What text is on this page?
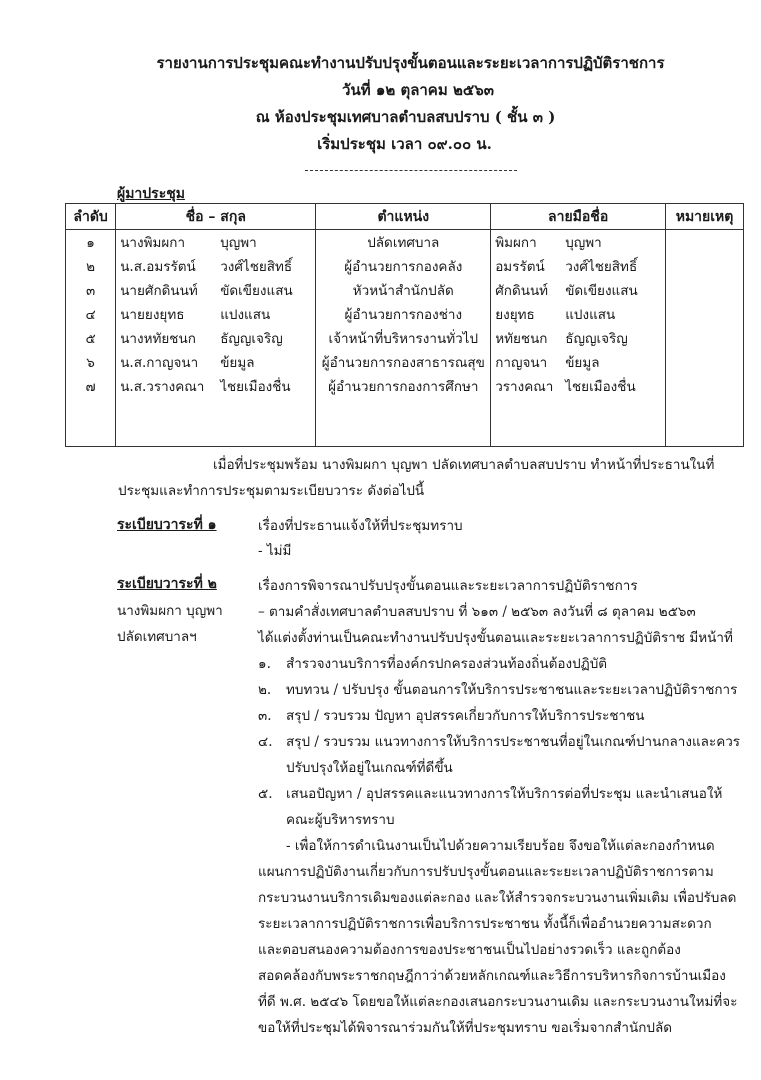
รายงานการประชุมคณะทำงานปรับปรุงขั้นตอนและระยะเวลาการปฏิบัติราชการ
วันที่ ๑๒ ตุลาคม ๒๕๖๓
ณ ห้องประชุมเทศบาลตำบลสบปราบ ( ชั้น ๓ )
เริ่มประชุม เวลา ๐๙.๐๐ น.
ผู้มาประชุม
ลำดับ	ชื่อ – สกุล	ตำแหน่ง	ลายมือชื่อ	หมายเหตุ
๑	นางพิมผกา บุญพา	ปลัดเทศบาล	พิมผกา บุญพา	

๒	น.ส.อมรรัตน์ วงศ์ไชยสิทธิ์	ผู้อำนวยการกองคลัง	อมรรัตน์ วงศ์ไชยสิทธิ์	

๓	นายศักดินนท์ ขัดเขียงแสน	หัวหน้าสำนักปลัด	ศักดินนท์ ขัดเขียงแสน	

๔	นายยงยุทธ แปงแสน	ผู้อำนวยการกองช่าง	ยงยุทธ แปงแสน	

๕	นางหทัยชนก ธัญญเจริญ	เจ้าหน้าที่บริหารงานทั่วไป	หทัยชนก ธัญญเจริญ	

๖	น.ส.กาญจนา ข้ยมูล	ผู้อำนวยการกองสาธารณสุข	กาญจนา ข้ยมูล	

๗	น.ส.วรางคณา ไชยเมืองชื่น	ผู้อำนวยการกองการศึกษา	วรางคณา ไชยเมืองชื่น	

เมื่อที่ประชุมพร้อม นางพิมผกา บุญพา ปลัดเทศบาลตำบลสบปราบ ทำหน้าที่ประธานในที่
ประชุมและทำการประชุมตามระเบียบวาระ ดังต่อไปนี้
ระเบียบวาระที่ ๑	เรื่องที่ประธานแจ้งให้ที่ประชุมทราบ
- ไม่มี
ระเบียบวาระที่ ๒
นางพิมผกา บุญพา
ปลัดเทศบาลฯ
เรื่องการพิจารณาปรับปรุงขั้นตอนและระยะเวลาการปฏิบัติราชการ
– ตามคำสั่งเทศบาลตำบลสบปราบ ที่ ๖๑๓ / ๒๕๖๓ ลงวันที่ ๘ ตุลาคม ๒๕๖๓
ได้แต่งตั้งท่านเป็นคณะทำงานปรับปรุงขั้นตอนและระยะเวลาการปฏิบัติราช มีหน้าที่
๑.	สำรวจงานบริการที่องค์กรปกครองส่วนท้องถิ่นต้องปฏิบัติ
๒.	ทบทวน / ปรับปรุง ขั้นตอนการให้บริการประชาชนและระยะเวลาปฏิบัติราชการ
๓.	สรุป / รวบรวม ปัญหา อุปสรรคเกี่ยวกับการให้บริการประชาชน
๔. สรุป / รวบรวม แนวทางการให้บริการประชาชนที่อยู่ในเกณฑ์ปานกลางและควร
ปรับปรุงให้อยู่ในเกณฑ์ที่ดีขึ้น
๕. เสนอปัญหา / อุปสรรคและแนวทางการให้บริการต่อที่ประชุม และนำเสนอให้
คณะผู้บริหารทราบ
- เพื่อให้การดำเนินงานเป็นไปด้วยความเรียบร้อย จึงขอให้แต่ละกองกำหนด
แผนการปฏิบัติงานเกี่ยวกับการปรับปรุงขั้นตอนและระยะเวลาปฏิบัติราชการตาม
กระบวนงานบริการเดิมของแต่ละกอง และให้สำรวจกระบวนงานเพิ่มเติม เพื่อปรับลด
ระยะเวลาการปฏิบัติราชการเพื่อบริการประชาชน ทั้งนี้ก็เพื่ออำนวยความสะดวก
และตอบสนองความต้องการของประชาชนเป็นไปอย่างรวดเร็ว และถูกต้อง
สอดคล้องกับพระราชกฤษฎีกาว่าด้วยหลักเกณฑ์และวิธีการบริหารกิจการบ้านเมือง
ที่ดี พ.ศ. ๒๕๔๖ โดยขอให้แต่ละกองเสนอกระบวนงานเดิม และกระบวนงานใหม่ที่จะ
ขอให้ที่ประชุมได้พิจารณาร่วมกันให้ที่ประชุมทราบ ขอเริ่มจากสำนักปลัด
